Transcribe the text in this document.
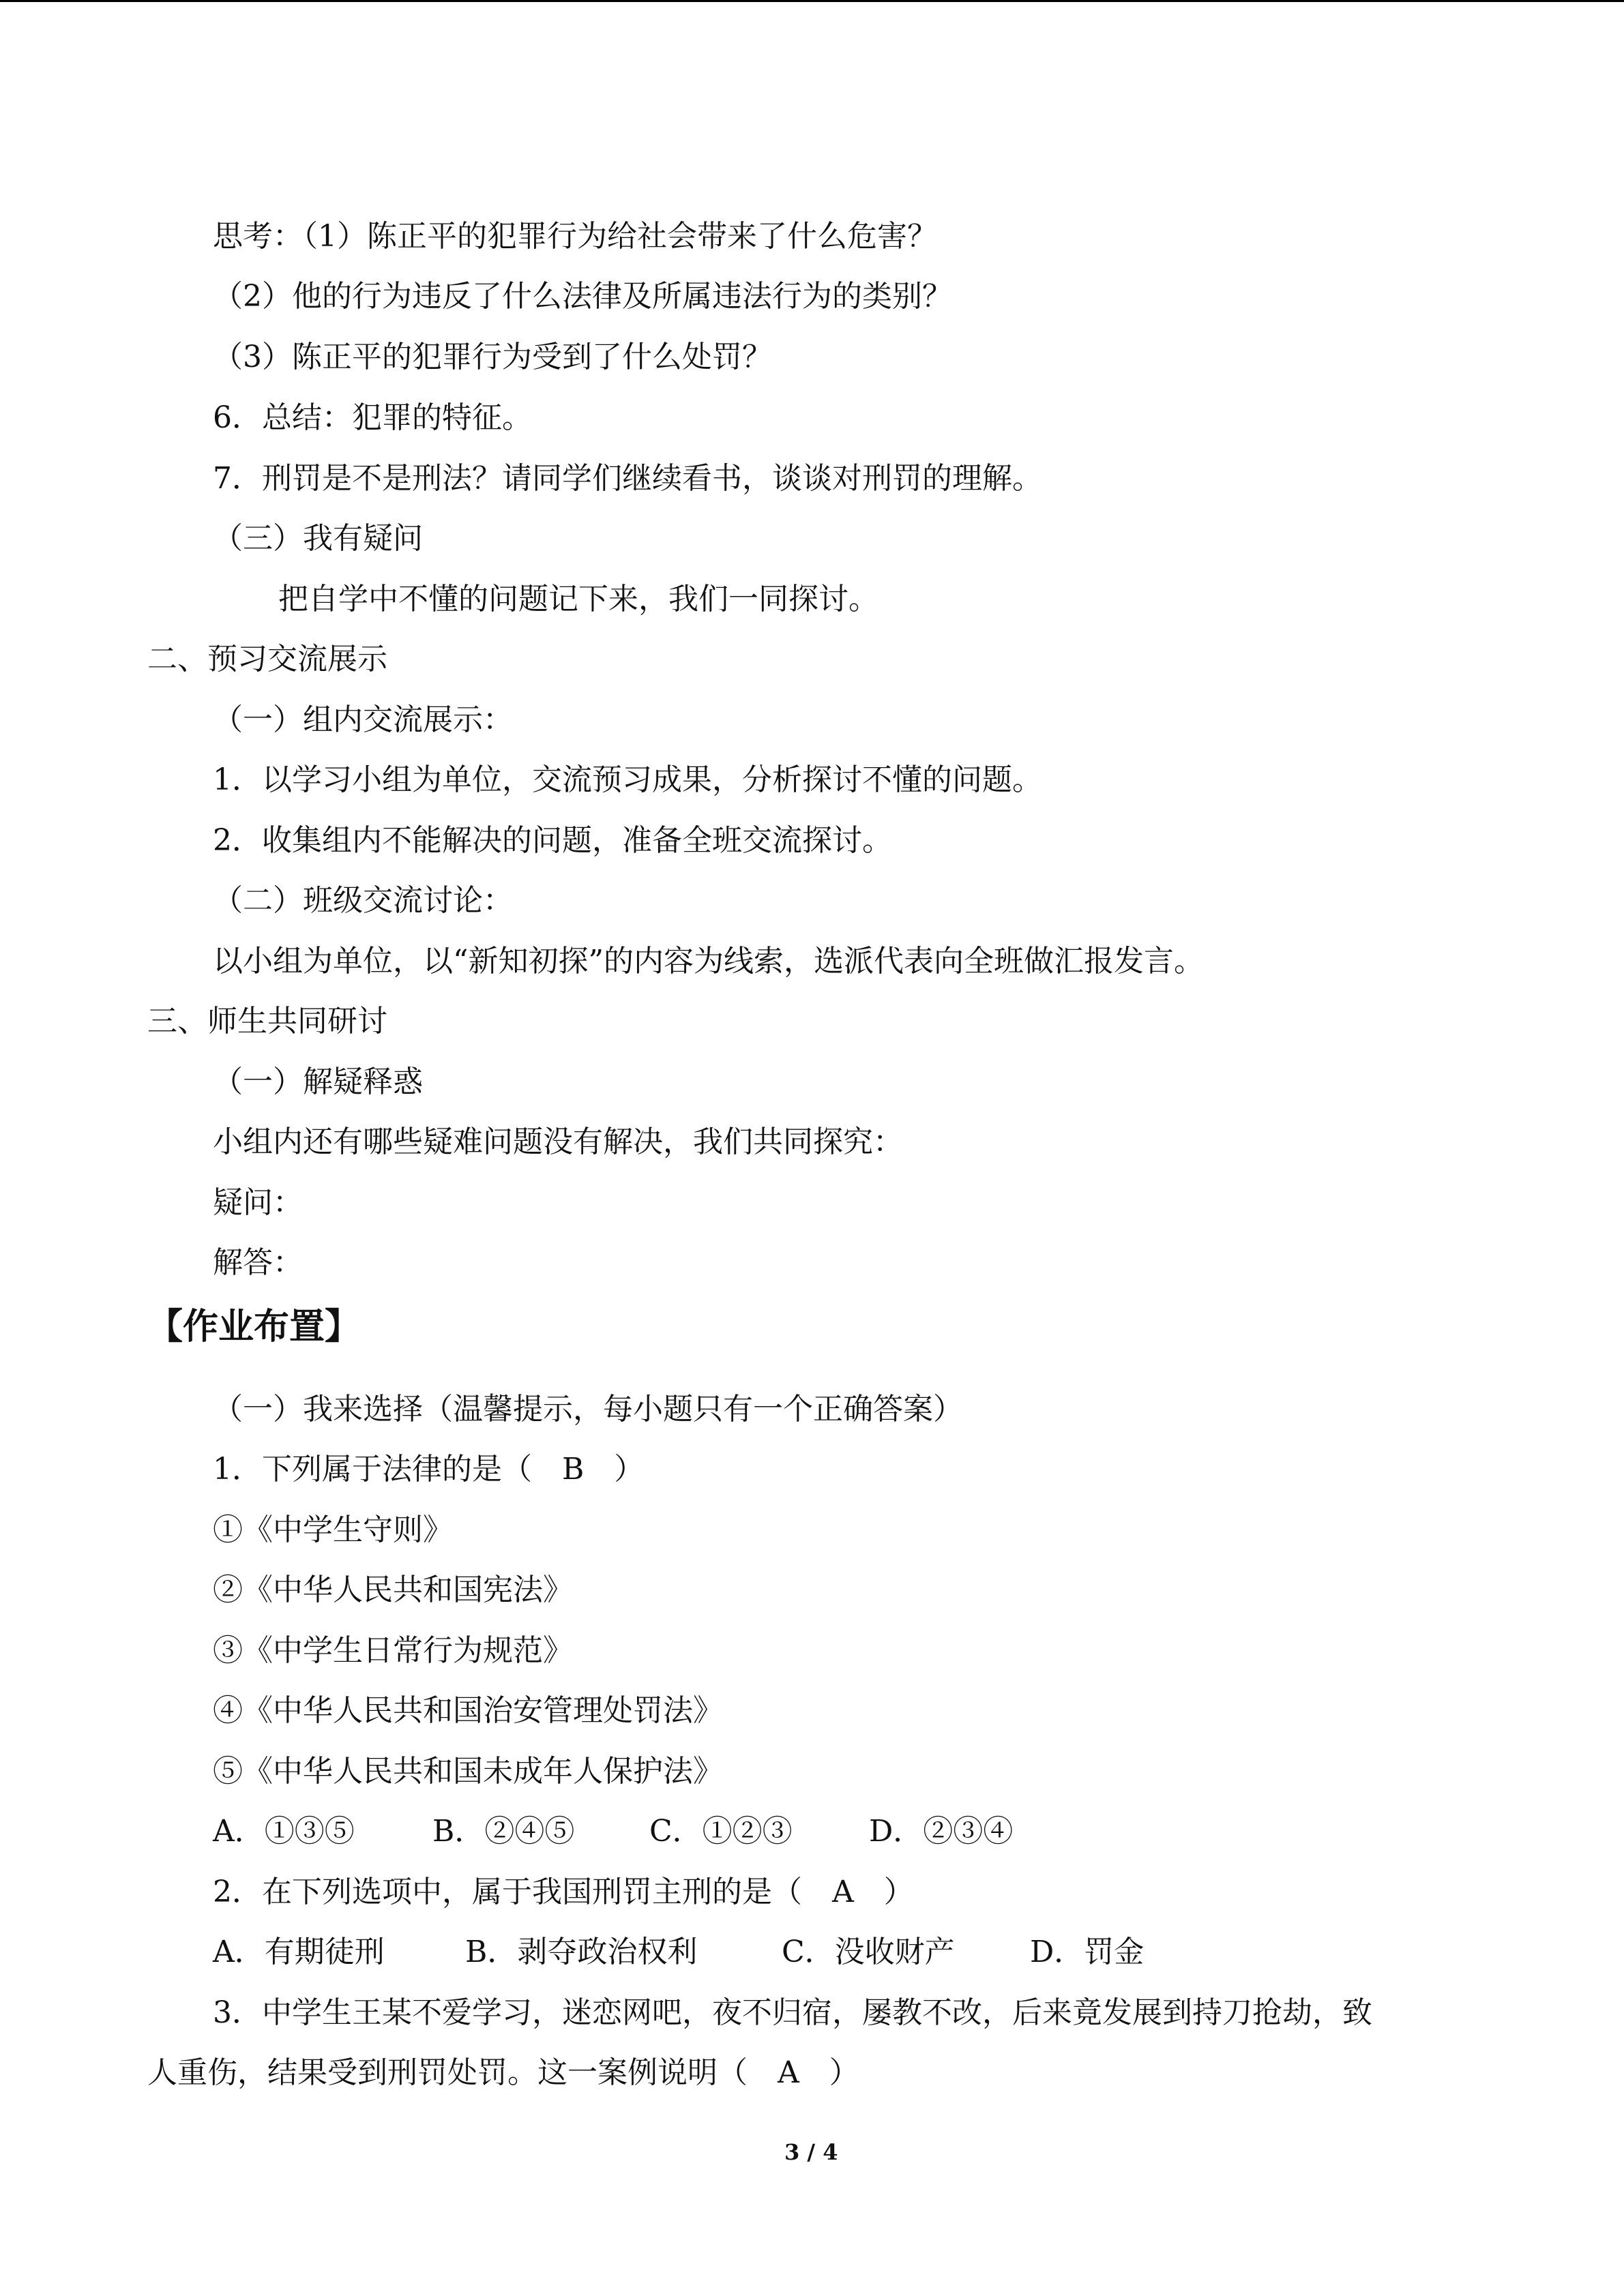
思考：（1）陈正平的犯罪行为给社会带来了什么危害？
（2）他的行为违反了什么法律及所属违法行为的类别？
（3）陈正平的犯罪行为受到了什么处罚？
6．总结：犯罪的特征。
7．刑罚是不是刑法？请同学们继续看书，谈谈对刑罚的理解。
（三）我有疑问
把自学中不懂的问题记下来，我们一同探讨。
二、预习交流展示
（一）组内交流展示：
1．以学习小组为单位，交流预习成果，分析探讨不懂的问题。
2．收集组内不能解决的问题，准备全班交流探讨。
（二）班级交流讨论：
以小组为单位，以“新知初探”的内容为线索，选派代表向全班做汇报发言。
三、师生共同研讨
（一）解疑释惑
小组内还有哪些疑难问题没有解决，我们共同探究：
疑问：
解答：
【作业布置】
（一）我来选择（温馨提示，每小题只有一个正确答案）
1．下列属于法律的是（　B　）
①《中学生守则》
②《中华人民共和国宪法》
③《中学生日常行为规范》
④《中华人民共和国治安管理处罚法》
⑤《中华人民共和国未成年人保护法》
A．①③⑤	B．②④⑤ C．①②③	D．②③④
2．在下列选项中，属于我国刑罚主刑的是（　A　）
A．有期徒刑	B．剥夺政治权利	C．没收财产	D．罚金
3．中学生王某不爱学习，迷恋网吧，夜不归宿，屡教不改，后来竟发展到持刀抢劫，致
人重伤，结果受到刑罚处罚。这一案例说明（　A　）
3 / 4
